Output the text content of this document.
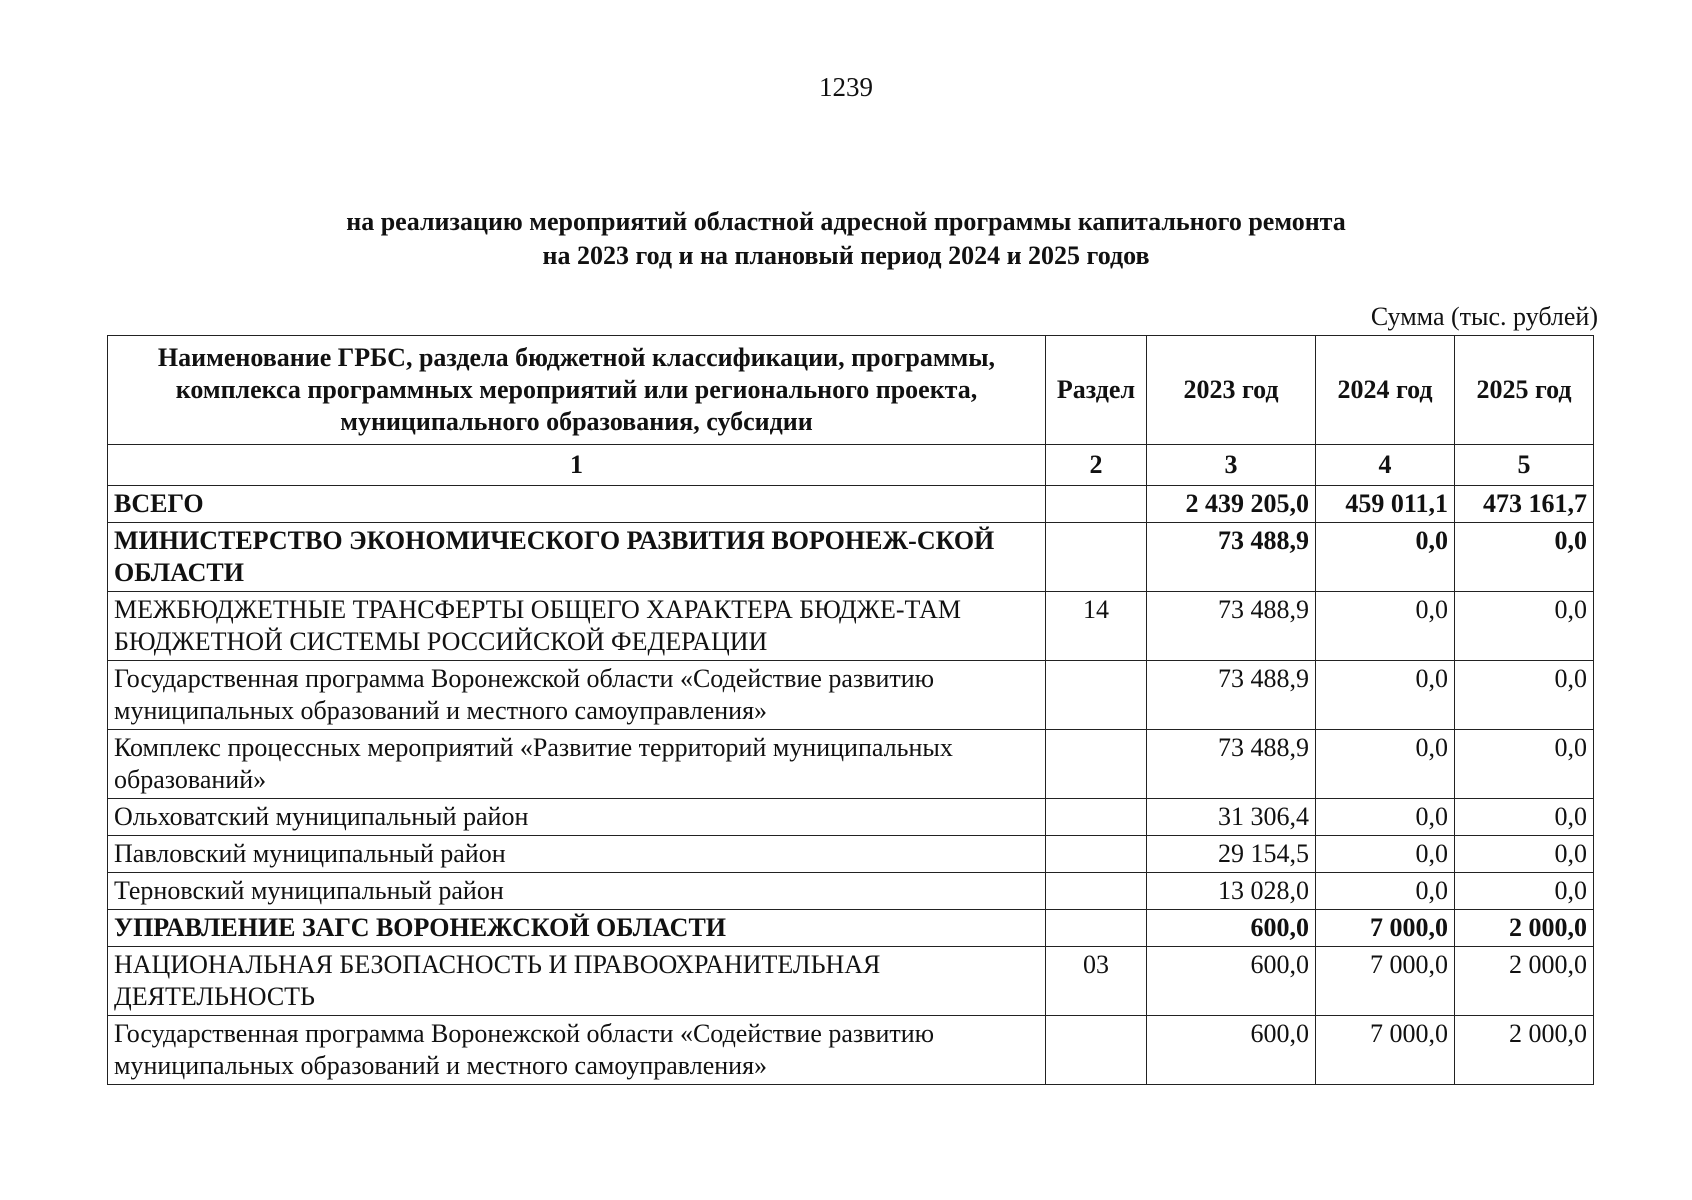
1239
на реализацию мероприятий областной адресной программы капитального ремонта
на 2023 год и на плановый период 2024 и 2025 годов
Сумма (тыс. рублей)
Наименование ГРБС, раздела бюджетной классификации, программы, комплекса программных мероприятий или регионального проекта, муниципального образования, субсидии	Раздел	2023 год	2024 год	2025 год
1	2	3	4	5
ВСЕГО		2 439 205,0	459 011,1	473 161,7
МИНИСТЕРСТВО ЭКОНОМИЧЕСКОГО РАЗВИТИЯ ВОРОНЕЖ-СКОЙ ОБЛАСТИ		73 488,9	0,0	0,0
МЕЖБЮДЖЕТНЫЕ ТРАНСФЕРТЫ ОБЩЕГО ХАРАКТЕРА БЮДЖЕ-ТАМ БЮДЖЕТНОЙ СИСТЕМЫ РОССИЙСКОЙ ФЕДЕРАЦИИ	14	73 488,9	0,0	0,0
Государственная программа Воронежской области «Содействие развитию муниципальных образований и местного самоуправления»		73 488,9	0,0	0,0
Комплекс процессных мероприятий «Развитие территорий муниципальных образований»		73 488,9	0,0	0,0
Ольховатский муниципальный район		31 306,4	0,0	0,0
Павловский муниципальный район		29 154,5	0,0	0,0
Терновский муниципальный район		13 028,0	0,0	0,0
УПРАВЛЕНИЕ ЗАГС ВОРОНЕЖСКОЙ ОБЛАСТИ		600,0	7 000,0	2 000,0
НАЦИОНАЛЬНАЯ БЕЗОПАСНОСТЬ И ПРАВООХРАНИТЕЛЬНАЯ ДЕЯТЕЛЬНОСТЬ	03	600,0	7 000,0	2 000,0
Государственная программа Воронежской области «Содействие развитию муниципальных образований и местного самоуправления»		600,0	7 000,0	2 000,0
